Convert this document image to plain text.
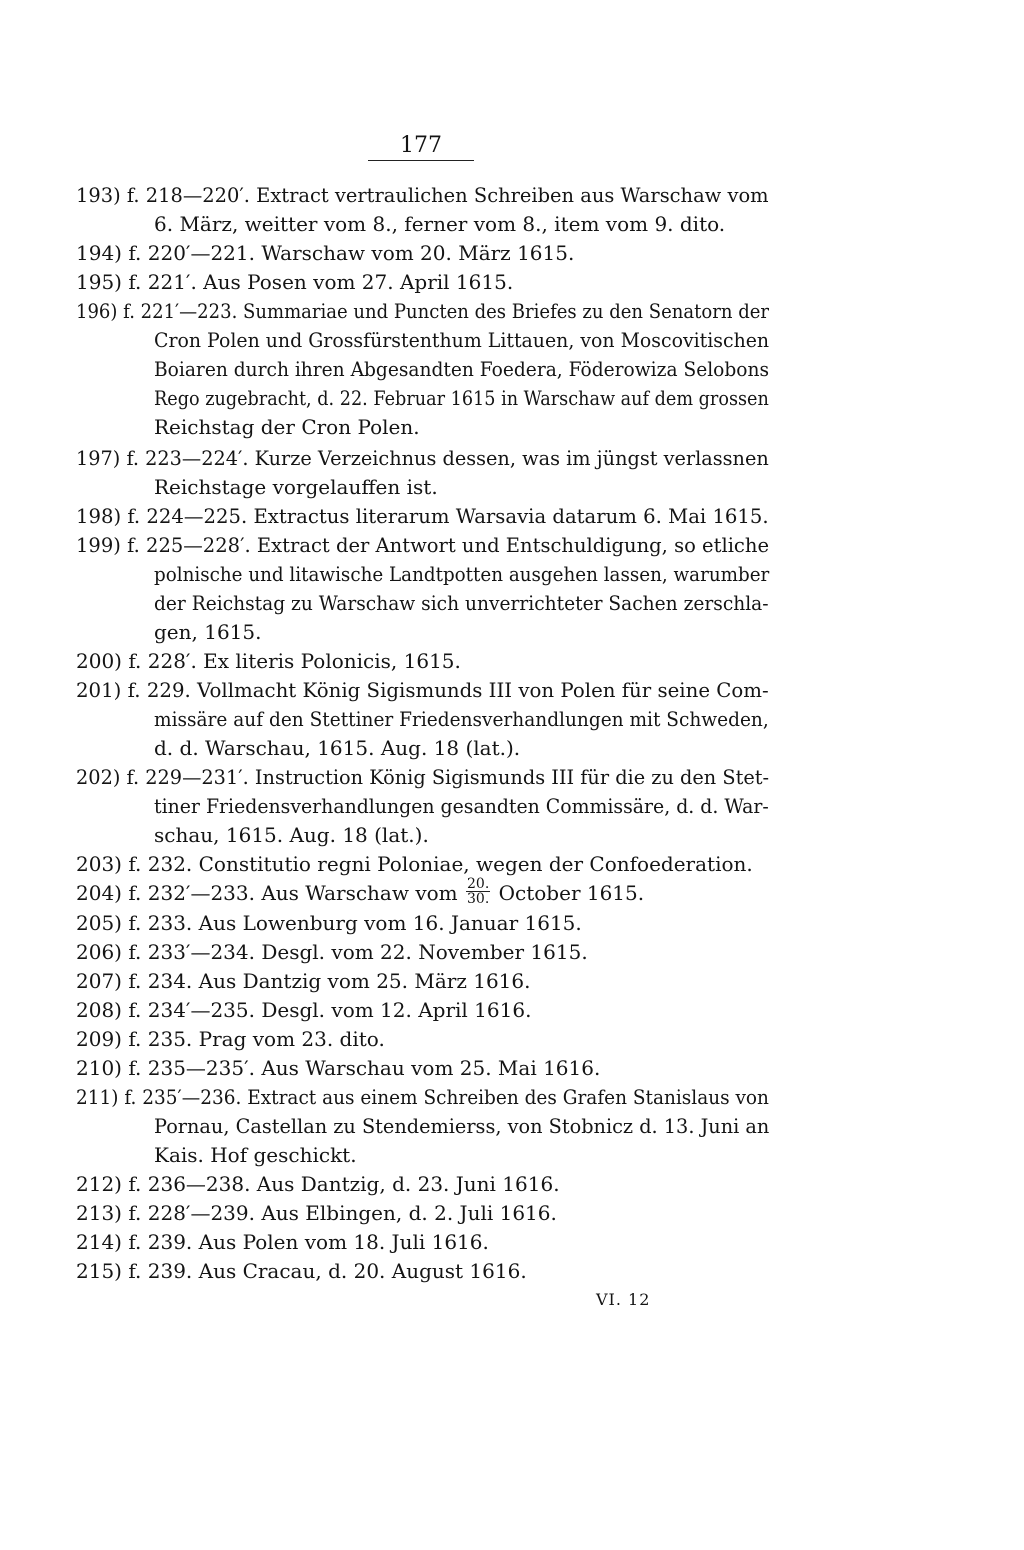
177
193) f. 218—220′. Extract vertraulichen Schreiben aus Warschaw vom
6. März, weitter vom 8., ferner vom 8., item vom 9. dito.
194) f. 220′—221. Warschaw vom 20. März 1615.
195) f. 221′. Aus Posen vom 27. April 1615.
196) f. 221′—223. Summariae und Puncten des Briefes zu den Senatorn der
Cron Polen und Grossfürstenthum Littauen, von Moscovitischen
Boiaren durch ihren Abgesandten Foedera, Föderowiza Selobons
Rego zugebracht, d. 22. Februar 1615 in Warschaw auf dem grossen
Reichstag der Cron Polen.
197) f. 223—224′. Kurze Verzeichnus dessen, was im jüngst verlassnen
Reichstage vorgelauffen ist.
198) f. 224—225. Extractus literarum Warsavia datarum 6. Mai 1615.
199) f. 225—228′. Extract der Antwort und Entschuldigung, so etliche
polnische und litawische Landtpotten ausgehen lassen, warumber
der Reichstag zu Warschaw sich unverrichteter Sachen zerschla-
gen, 1615.
200) f. 228′. Ex literis Polonicis, 1615.
201) f. 229. Vollmacht König Sigismunds III von Polen für seine Com-
missäre auf den Stettiner Friedensverhandlungen mit Schweden,
d. d. Warschau, 1615. Aug. 18 (lat.).
202) f. 229—231′. Instruction König Sigismunds III für die zu den Stet-
tiner Friedensverhandlungen gesandten Commissäre, d. d. War-
schau, 1615. Aug. 18 (lat.).
203) f. 232. Constitutio regni Poloniae, wegen der Confoederation.
204) f. 232′—233. Aus Warschaw vom $\frac{20.}{30.}$ October 1615.
205) f. 233. Aus Lowenburg vom 16. Januar 1615.
206) f. 233′—234. Desgl. vom 22. November 1615.
207) f. 234. Aus Dantzig vom 25. März 1616.
208) f. 234′—235. Desgl. vom 12. April 1616.
209) f. 235. Prag vom 23. dito.
210) f. 235—235′. Aus Warschau vom 25. Mai 1616.
211) f. 235′—236. Extract aus einem Schreiben des Grafen Stanislaus von
Pornau, Castellan zu Stendemierss, von Stobnicz d. 13. Juni an
Kais. Hof geschickt.
212) f. 236—238. Aus Dantzig, d. 23. Juni 1616.
213) f. 228′—239. Aus Elbingen, d. 2. Juli 1616.
214) f. 239. Aus Polen vom 18. Juli 1616.
215) f. 239. Aus Cracau, d. 20. August 1616.
VI. 12
